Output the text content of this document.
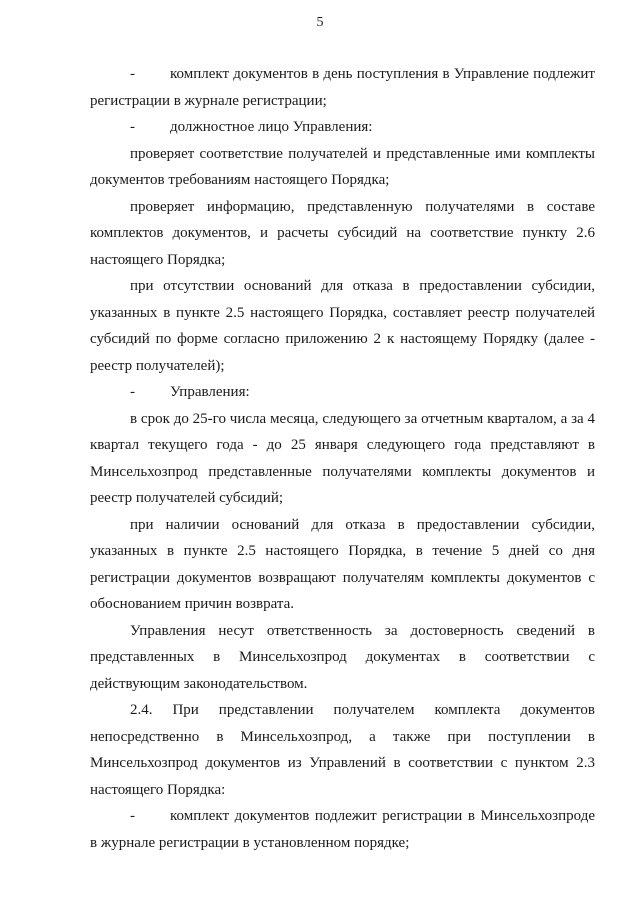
5

- комплект документов в день поступления в Управление подлежит регистрации в журнале регистрации;

- должностное лицо Управления:

проверяет соответствие получателей и представленные ими комплекты документов требованиям настоящего Порядка;

проверяет информацию, представленную получателями в составе комплектов документов, и расчеты субсидий на соответствие пункту 2.6 настоящего Порядка;

при отсутствии оснований для отказа в предоставлении субсидии, указанных в пункте 2.5 настоящего Порядка, составляет реестр получателей субсидий по форме согласно приложению 2 к настоящему Порядку (далее - реестр получателей);

- Управления:

в срок до 25-го числа месяца, следующего за отчетным кварталом, а за 4 квартал текущего года - до 25 января следующего года представляют в Минсельхозпрод представленные получателями комплекты документов и реестр получателей субсидий;

при наличии оснований для отказа в предоставлении субсидии, указанных в пункте 2.5 настоящего Порядка, в течение 5 дней со дня регистрации документов возвращают получателям комплекты документов с обоснованием причин возврата.

Управления несут ответственность за достоверность сведений в представленных в Минсельхозпрод документах в соответствии с действующим законодательством.

2.4. При представлении получателем комплекта документов непосредственно в Минсельхозпрод, а также при поступлении в Минсельхозпрод документов из Управлений в соответствии с пунктом 2.3 настоящего Порядка:

- комплект документов подлежит регистрации в Минсельхозпроде в журнале регистрации в установленном порядке;
